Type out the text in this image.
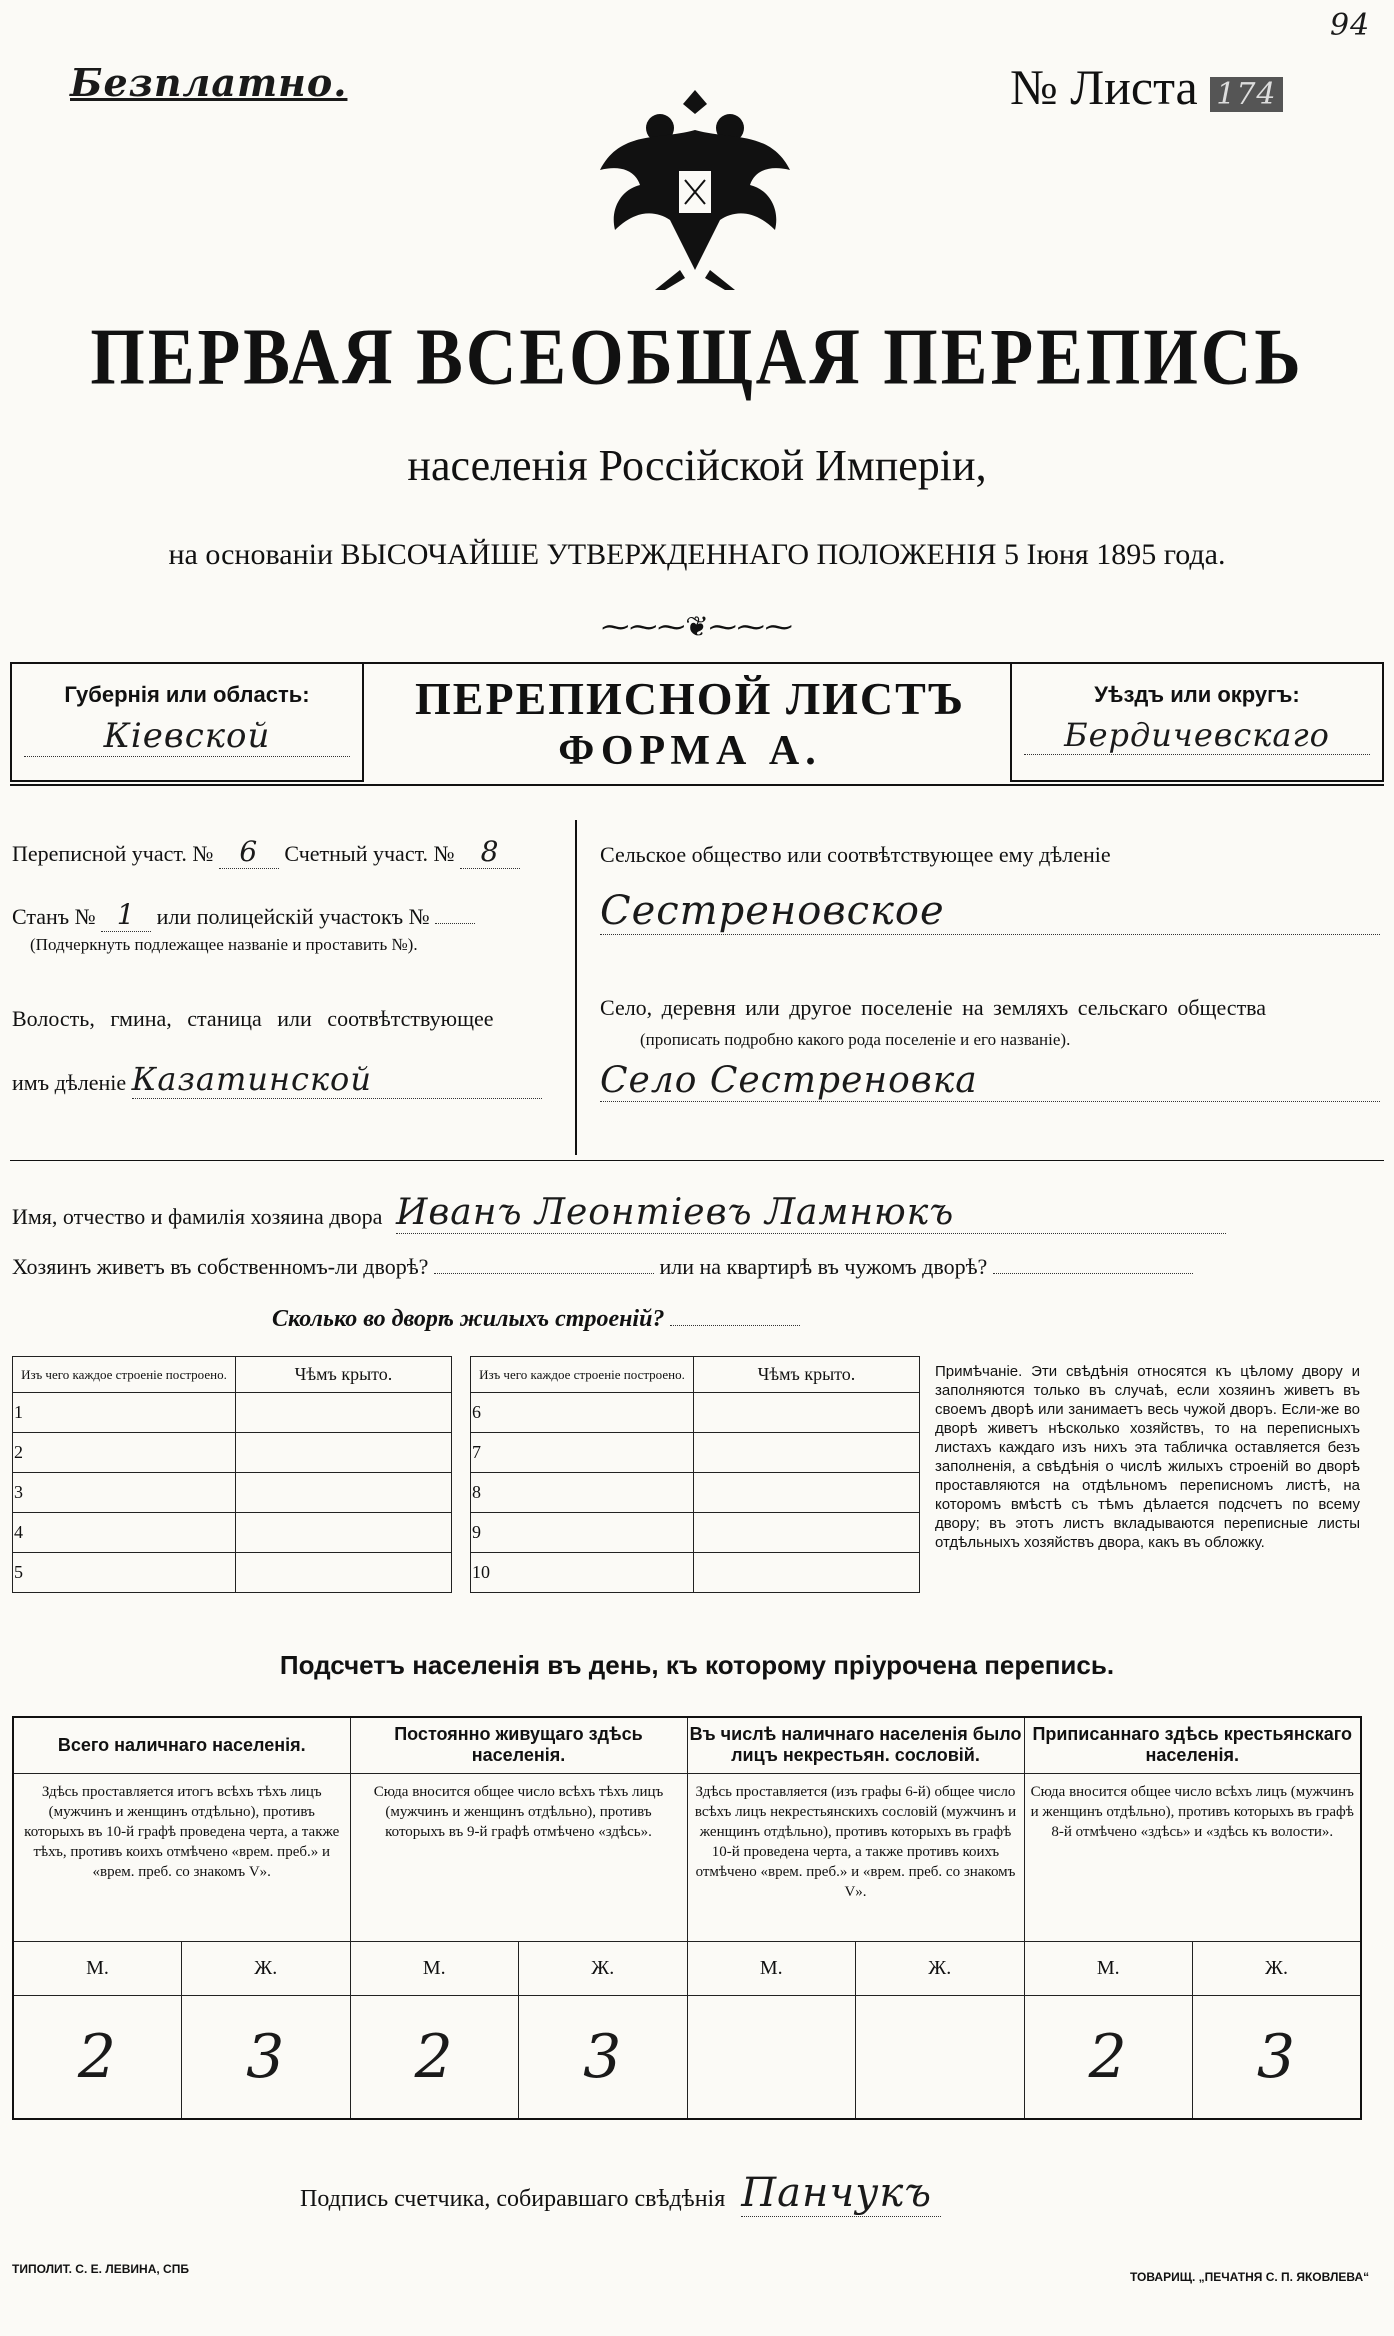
Безплатно.	№ Листа 174
94
ПЕРВАЯ ВСЕОБЩАЯ ПЕРЕПИСЬ
населенія Россійской Имперіи,
на основаніи ВЫСОЧАЙШЕ УТВЕРЖДЕННАГО ПОЛОЖЕНІЯ 5 Іюня 1895 года.
⁓⁓⁓❦⁓⁓⁓
Губернія или область:
Кіевской
ПЕРЕПИСНОЙ ЛИСТЪ
ФОРМА А.
Уѣздъ или округъ:
Бердичевскаго
Переписной участ. № 6 Счетный участ. № 8
Станъ № 1 или полицейскій участокъ №
(Подчеркнуть подлежащее названіе и проставить №).
Волость, гмина, станица или соотвѣтствующее
имъ дѣленіе Казатинской
Сельское общество или соотвѣтствующее ему дѣленіе
Сестреновское
Село, деревня или другое поселеніе на земляхъ сельскаго общества
(прописать подробно какого рода поселеніе и его названіе).
Село Сестреновка
Имя, отчество и фамилія хозяина двора Иванъ Леонтіевъ Ламнюкъ
Хозяинъ живетъ въ собственномъ-ли дворѣ?	или на квартирѣ въ чужомъ дворѣ?
Сколько во дворѣ жилыхъ строеній?
Изъ чего каждое строеніе построено.	Чѣмъ крыто.
1	
2	
3	
4	
5	
Изъ чего каждое строеніе построено.	Чѣмъ крыто.
6	
7	
8	
9	
10	
Примѣчаніе. Эти свѣдѣнія относятся къ цѣлому двору и заполняются только въ случаѣ, если хозяинъ живетъ въ своемъ дворѣ или занимаетъ весь чужой дворъ. Если-же во дворѣ живетъ нѣсколько хозяйствъ, то на переписныхъ листахъ каждаго изъ нихъ эта табличка оставляется безъ заполненія, а свѣдѣнія о числѣ жилыхъ строеній во дворѣ проставляются на отдѣльномъ переписномъ листѣ, на которомъ вмѣстѣ съ тѣмъ дѣлается подсчетъ по всему двору; въ этотъ листъ вкладываются переписные листы отдѣльныхъ хозяйствъ двора, какъ въ обложку.
Подсчетъ населенія въ день, къ которому пріурочена перепись.
Всего наличнаго населенія.		Постоянно живущаго здѣсь населенія.		Въ числѣ наличнаго населенія было лицъ некрестьян. сословій.		Приписаннаго здѣсь крестьянскаго населенія.	
Здѣсь проставляется итогъ всѣхъ тѣхъ лицъ (мужчинъ и женщинъ отдѣльно), противъ которыхъ въ 10-й графѣ проведена черта, а также тѣхъ, противъ коихъ отмѣчено «врем. преб.» и «врем. преб. со знакомъ V».		Сюда вносится общее число всѣхъ тѣхъ лицъ (мужчинъ и женщинъ отдѣльно), противъ которыхъ въ 9-й графѣ отмѣчено «здѣсь».		Здѣсь проставляется (изъ графы 6-й) общее число всѣхъ лицъ некрестьянскихъ сословій (мужчинъ и женщинъ отдѣльно), противъ которыхъ въ графѣ 10-й проведена черта, а также противъ коихъ отмѣчено «врем. преб.» и «врем. преб. со знакомъ V».		Сюда вносится общее число всѣхъ лицъ (мужчинъ и женщинъ отдѣльно), противъ которыхъ въ графѣ 8-й отмѣчено «здѣсь» и «здѣсь къ волости».	
М.	Ж.	М.	Ж.	М.	Ж.	М.	Ж.
2	3	2	3			2	3
Подпись счетчика, собиравшаго свѣдѣнія Панчукъ
ТИПОЛИТ. С. Е. ЛЕВИНА, СПБ
ТОВАРИЩ. „ПЕЧАТНЯ С. П. ЯКОВЛЕВА“
